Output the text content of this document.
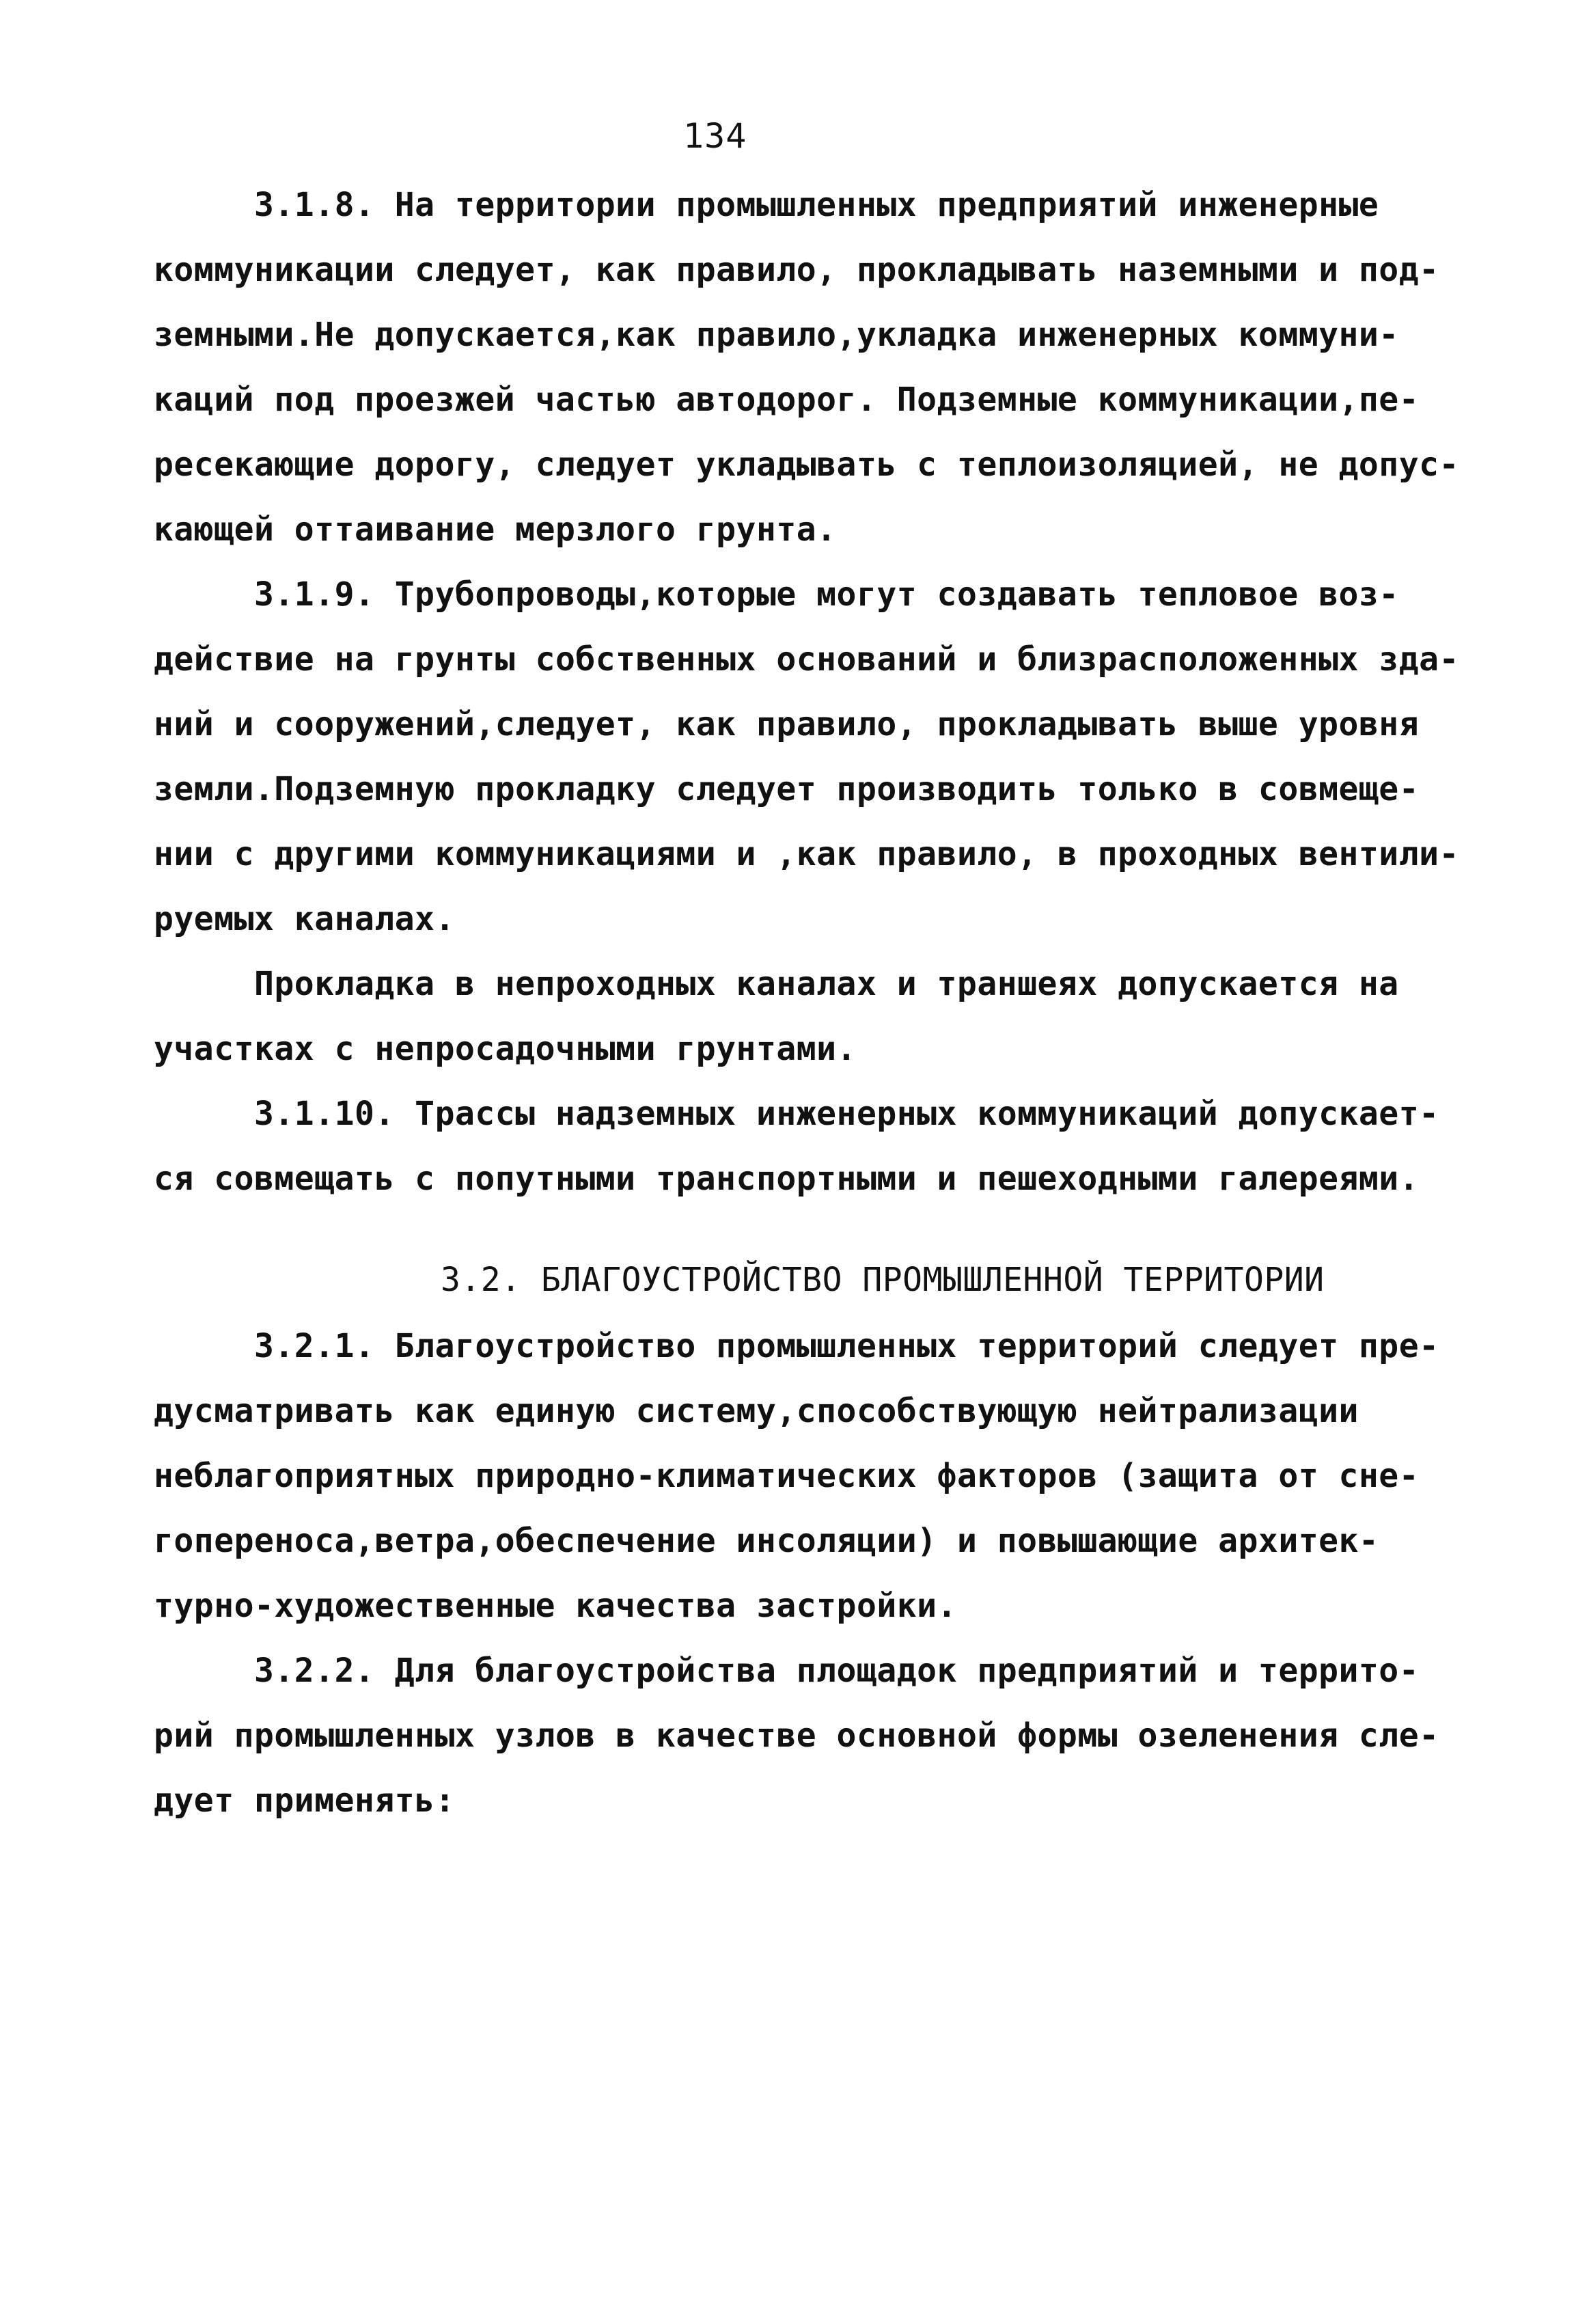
134

3.1.8. На территории промышленных предприятий инженерные

коммуникации следует, как правило, прокладывать наземными и под-

земными.Не допускается,как правило,укладка инженерных коммуни-

каций под проезжей частью автодорог. Подземные коммуникации,пе-

ресекающие дорогу, следует укладывать с теплоизоляцией, не допус-

кающей оттаивание мерзлого грунта.

3.1.9. Трубопроводы,которые могут создавать тепловое воз-

действие на грунты собственных оснований и близрасположенных зда-

ний и сооружений,следует, как правило, прокладывать выше уровня

земли.Подземную прокладку следует производить только в совмеще-

нии с другими коммуникациями и ,как правило, в проходных вентили-

руемых каналах.

Прокладка в непроходных каналах и траншеях допускается на

участках с непросадочными грунтами.

3.1.10. Трассы надземных инженерных коммуникаций допускает-

ся совмещать с попутными транспортными и пешеходными галереями.

3.2. БЛАГОУСТРОЙСТВО ПРОМЫШЛЕННОЙ ТЕРРИТОРИИ

3.2.1. Благоустройство промышленных территорий следует пре-

дусматривать как единую систему,способствующую нейтрализации

неблагоприятных природно-климатических факторов (защита от сне-

гопереноса,ветра,обеспечение инсоляции) и повышающие архитек-

турно-художественные качества застройки.

3.2.2. Для благоустройства площадок предприятий и террито-

рий промышленных узлов в качестве основной формы озеленения сле-

дует применять:
